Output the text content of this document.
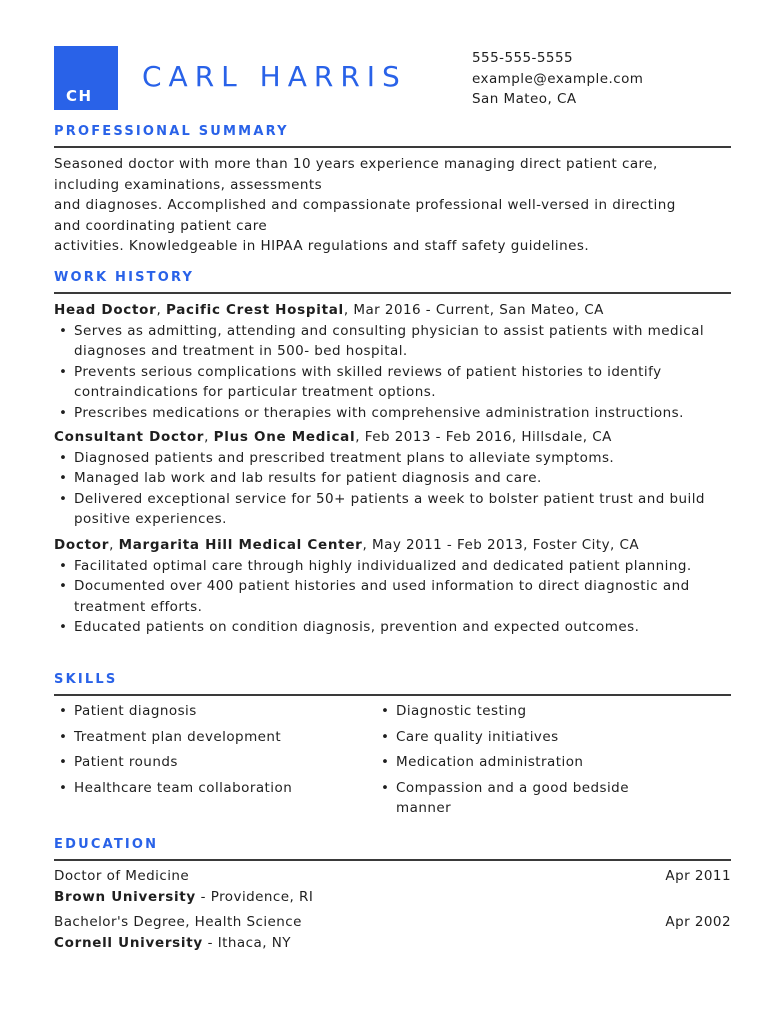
CH
CARL HARRIS
555-555-5555
example@example.com
San Mateo, CA
PROFESSIONAL SUMMARY
Seasoned doctor with more than 10 years experience managing direct patient care,
including examinations, assessments
and diagnoses. Accomplished and compassionate professional well-versed in directing
and coordinating patient care
activities. Knowledgeable in HIPAA regulations and staff safety guidelines.
WORK HISTORY
Head Doctor, Pacific Crest Hospital, Mar 2016 - Current, San Mateo, CA
• Serves as admitting, attending and consulting physician to assist patients with medical diagnoses and treatment in 500- bed hospital.
• Prevents serious complications with skilled reviews of patient histories to identify contraindications for particular treatment options.
• Prescribes medications or therapies with comprehensive administration instructions.
Consultant Doctor, Plus One Medical, Feb 2013 - Feb 2016, Hillsdale, CA
• Diagnosed patients and prescribed treatment plans to alleviate symptoms.
• Managed lab work and lab results for patient diagnosis and care.
• Delivered exceptional service for 50+ patients a week to bolster patient trust and build positive experiences.
Doctor, Margarita Hill Medical Center, May 2011 - Feb 2013, Foster City, CA
• Facilitated optimal care through highly individualized and dedicated patient planning.
• Documented over 400 patient histories and used information to direct diagnostic and treatment efforts.
• Educated patients on condition diagnosis, prevention and expected outcomes.
SKILLS
• Patient diagnosis
• Treatment plan development
• Patient rounds
• Healthcare team collaboration
• Diagnostic testing
• Care quality initiatives
• Medication administration
• Compassion and a good bedside manner
EDUCATION
Doctor of Medicine
Brown University - Providence, RI
Apr 2011
Bachelor's Degree, Health Science
Cornell University - Ithaca, NY
Apr 2002
